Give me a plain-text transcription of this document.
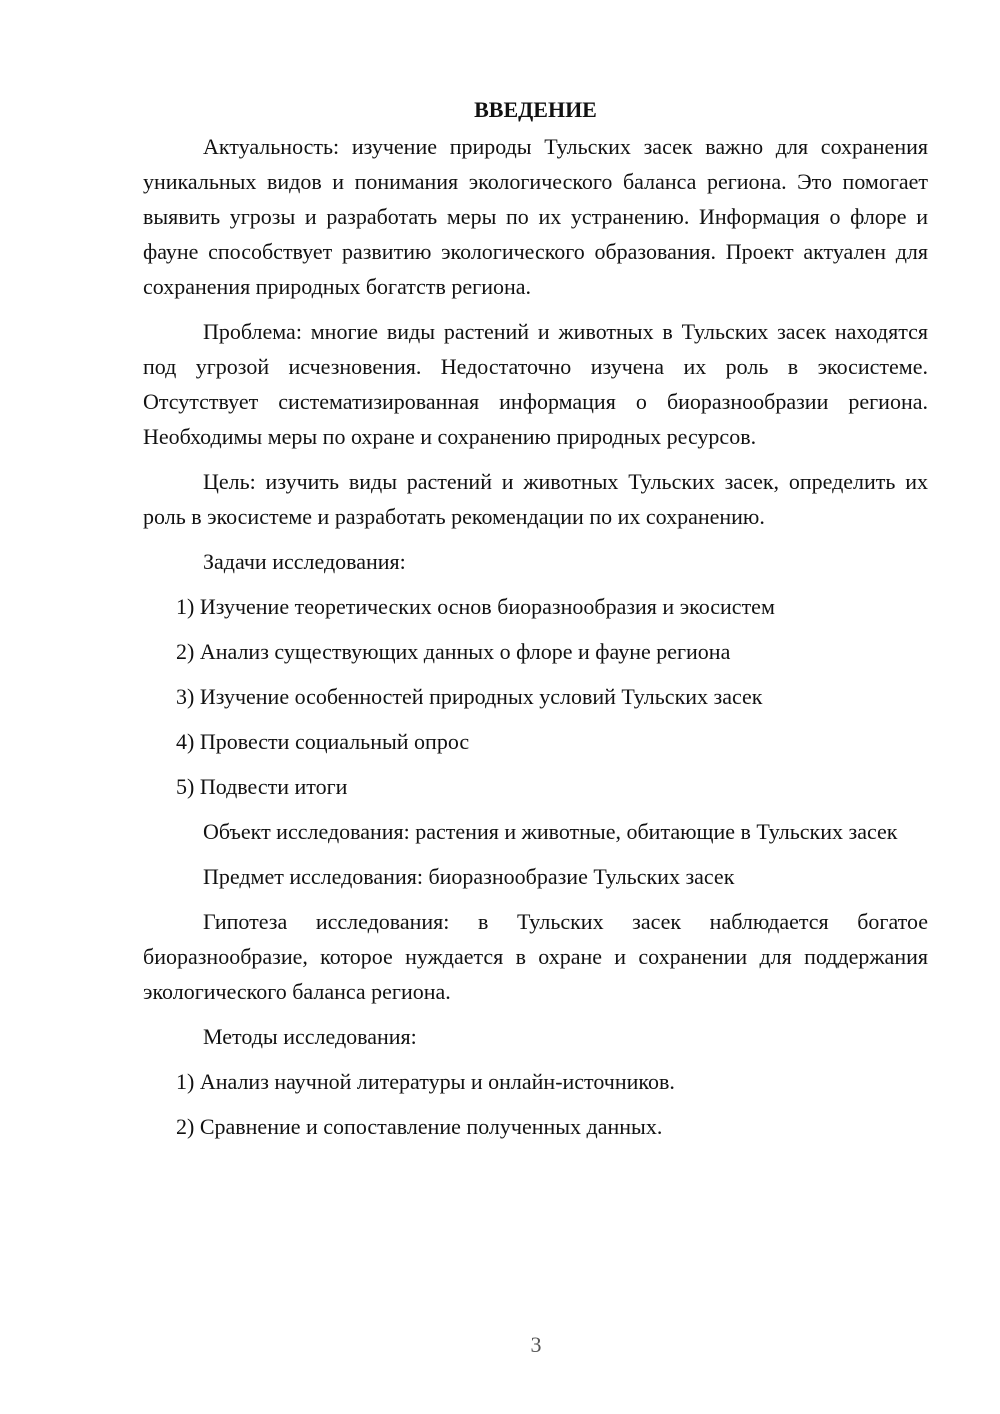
ВВЕДЕНИЕ

Актуальность: изучение природы Тульских засек важно для сохранения уникальных видов и понимания экологического баланса региона. Это помогает выявить угрозы и разработать меры по их устранению. Информация о флоре и фауне способствует развитию экологического образования. Проект актуален для сохранения природных богатств региона.

Проблема: многие виды растений и животных в Тульских засек находятся под угрозой исчезновения. Недостаточно изучена их роль в экосистеме. Отсутствует систематизированная информация о биоразнообразии региона. Необходимы меры по охране и сохранению природных ресурсов.

Цель: изучить виды растений и животных Тульских засек, определить их роль в экосистеме и разработать рекомендации по их сохранению.

Задачи исследования:

1) Изучение теоретических основ биоразнообразия и экосистем
2) Анализ существующих данных о флоре и фауне региона
3) Изучение особенностей природных условий Тульских засек
4) Провести социальный опрос
5) Подвести итоги

Объект исследования: растения и животные, обитающие в Тульских засек

Предмет исследования: биоразнообразие Тульских засек

Гипотеза исследования: в Тульских засек наблюдается богатое биоразнообразие, которое нуждается в охране и сохранении для поддержания экологического баланса региона.

Методы исследования:

1) Анализ научной литературы и онлайн-источников.
2) Сравнение и сопоставление полученных данных.
3
